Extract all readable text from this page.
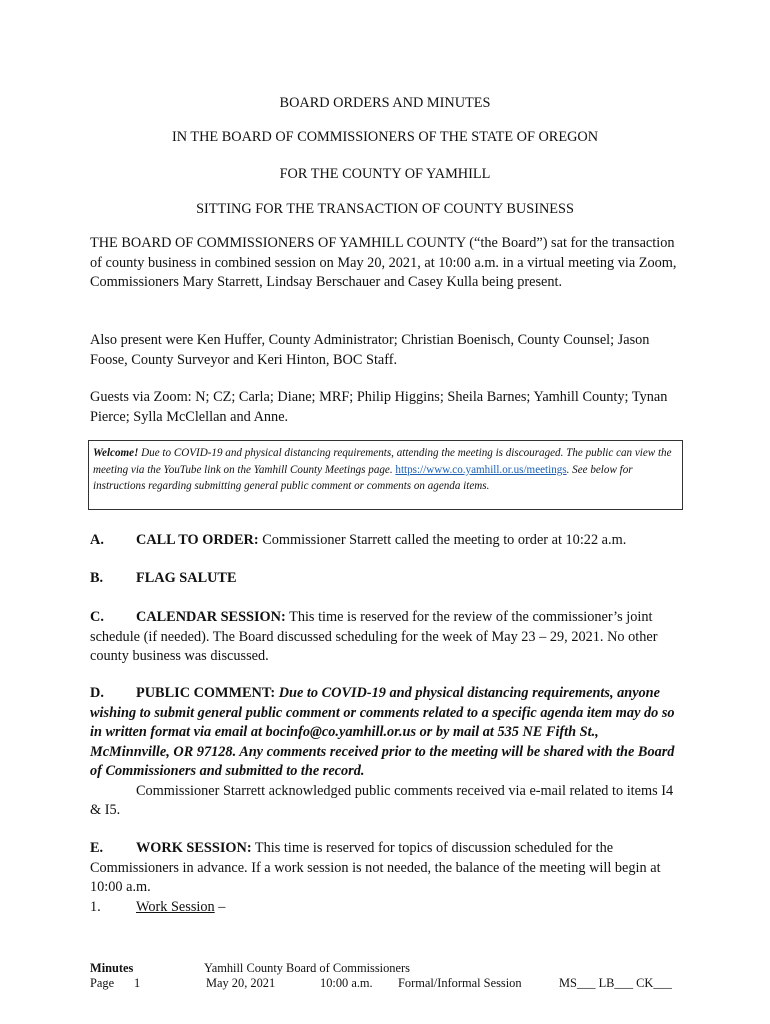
BOARD ORDERS AND MINUTES
IN THE BOARD OF COMMISSIONERS OF THE STATE OF OREGON
FOR THE COUNTY OF YAMHILL
SITTING FOR THE TRANSACTION OF COUNTY BUSINESS
THE BOARD OF COMMISSIONERS OF YAMHILL COUNTY (“the Board”) sat for the transaction of county business in combined session on May 20, 2021, at 10:00 a.m. in a virtual meeting via Zoom, Commissioners Mary Starrett, Lindsay Berschauer and Casey Kulla being present.
Also present were Ken Huffer, County Administrator; Christian Boenisch, County Counsel; Jason Foose, County Surveyor and Keri Hinton, BOC Staff.
Guests via Zoom: N; CZ; Carla; Diane; MRF; Philip Higgins; Sheila Barnes; Yamhill County; Tynan Pierce; Sylla McClellan and Anne.
Welcome! Due to COVID-19 and physical distancing requirements, attending the meeting is discouraged. The public can view the meeting via the YouTube link on the Yamhill County Meetings page. https://www.co.yamhill.or.us/meetings. See below for instructions regarding submitting general public comment or comments on agenda items.
A. CALL TO ORDER: Commissioner Starrett called the meeting to order at 10:22 a.m.
B. FLAG SALUTE
C. CALENDAR SESSION: This time is reserved for the review of the commissioner’s joint schedule (if needed). The Board discussed scheduling for the week of May 23 – 29, 2021. No other county business was discussed.
D. PUBLIC COMMENT: Due to COVID-19 and physical distancing requirements, anyone wishing to submit general public comment or comments related to a specific agenda item may do so in written format via email at bocinfo@co.yamhill.or.us or by mail at 535 NE Fifth St., McMinnville, OR 97128. Any comments received prior to the meeting will be shared with the Board of Commissioners and submitted to the record.
Commissioner Starrett acknowledged public comments received via e-mail related to items I4 & I5.
E. WORK SESSION: This time is reserved for topics of discussion scheduled for the Commissioners in advance. If a work session is not needed, the balance of the meeting will begin at 10:00 a.m.
1. Work Session –
Minutes
Page 1
Yamhill County Board of Commissioners
May 20, 2021	10:00 a.m. Formal/Informal Session	MS___ LB___ CK___
